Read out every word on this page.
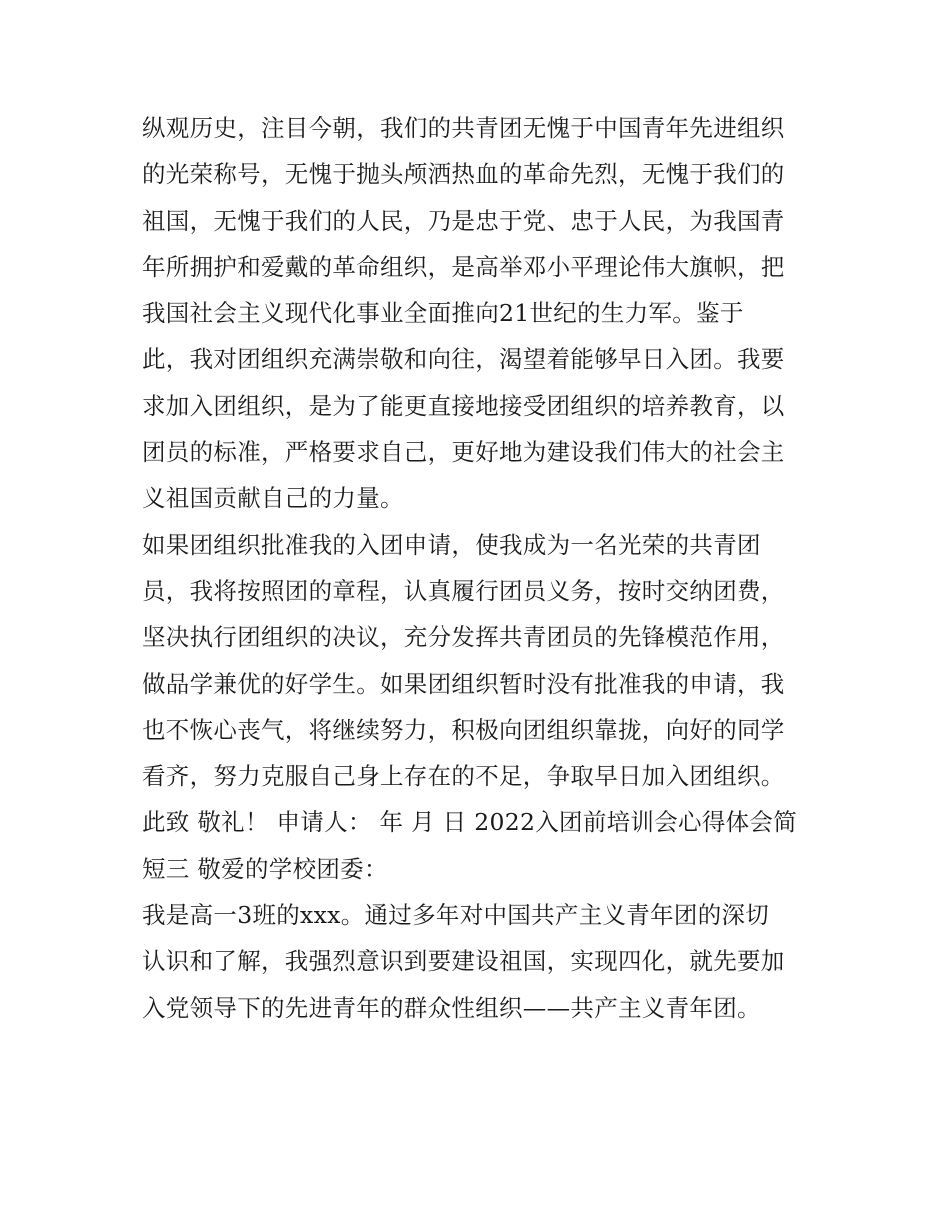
纵观历史，注目今朝，我们的共青团无愧于中国青年先进组织
的光荣称号，无愧于抛头颅洒热血的革命先烈，无愧于我们的
祖国，无愧于我们的人民，乃是忠于党、忠于人民，为我国青
年所拥护和爱戴的革命组织，是高举邓小平理论伟大旗帜，把
我国社会主义现代化事业全面推向21世纪的生力军。鉴于
此，我对团组织充满崇敬和向往，渴望着能够早日入团。我要
求加入团组织，是为了能更直接地接受团组织的培养教育，以
团员的标准，严格要求自己，更好地为建设我们伟大的社会主
义祖国贡献自己的力量。
如果团组织批准我的入团申请，使我成为一名光荣的共青团
员，我将按照团的章程，认真履行团员义务，按时交纳团费，
坚决执行团组织的决议，充分发挥共青团员的先锋模范作用，
做品学兼优的好学生。如果团组织暂时没有批准我的申请，我
也不恢心丧气，将继续努力，积极向团组织靠拢，向好的同学
看齐，努力克服自己身上存在的不足，争取早日加入团组织。
此致 敬礼！ 申请人： 年 月 日 2022入团前培训会心得体会简
短三 敬爱的学校团委：
我是高一3班的xxx。通过多年对中国共产主义青年团的深切
认识和了解，我强烈意识到要建设祖国，实现四化，就先要加
入党领导下的先进青年的群众性组织——共产主义青年团。
